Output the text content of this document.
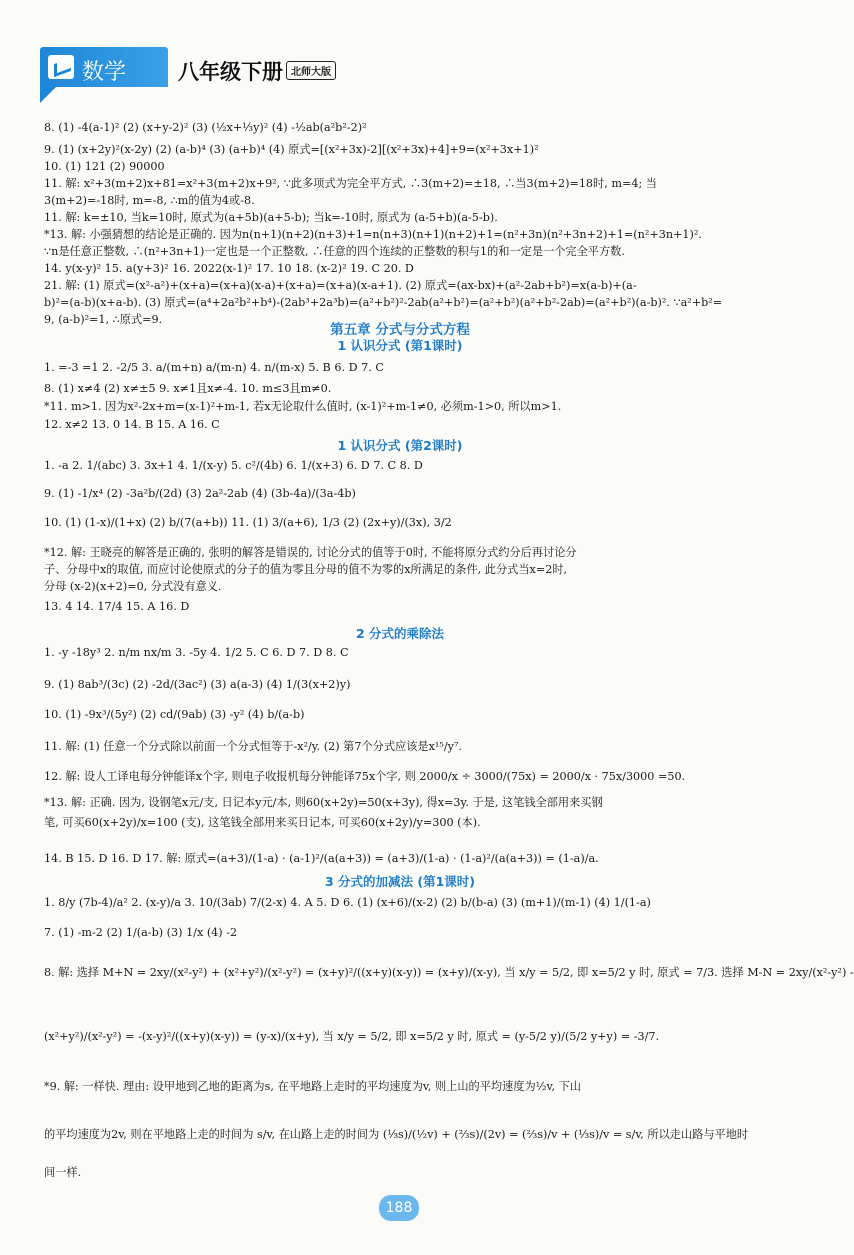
数学 八年级下册 北师大版
8. (1) -4(a-1)² (2) (x+y-2)² (3) (½x+⅓y)² (4) -½ab(a²b²-2)²
9. (1) (x+2y)²(x-2y) (2) (a-b)⁴ (3) (a+b)⁴ (4) 原式=[(x²+3x)-2][(x²+3x)+4]+9=(x²+3x+1)²
10. (1) 121 (2) 90000
11. 解: x²+3(m+2)x+81=x²+3(m+2)x+9², ∵此多项式为完全平方式, ∴3(m+2)=±18, ∴当3(m+2)=18时, m=4; 当
3(m+2)=-18时, m=-8, ∴m的值为4或-8.
11. 解: k=±10, 当k=10时, 原式为(a+5b)(a+5-b); 当k=-10时, 原式为 (a-5+b)(a-5-b).
*13. 解: 小强猜想的结论是正确的. 因为n(n+1)(n+2)(n+3)+1=n(n+3)(n+1)(n+2)+1=(n²+3n)(n²+3n+2)+1=(n²+3n+1)².
∵n是任意正整数, ∴(n²+3n+1)一定也是一个正整数, ∴任意的四个连续的正整数的积与1的和一定是一个完全平方数.
14. y(x-y)² 15. a(y+3)² 16. 2022(x-1)² 17. 10 18. (x-2)² 19. C 20. D
21. 解: (1) 原式=(x²-a²)+(x+a)=(x+a)(x-a)+(x+a)=(x+a)(x-a+1). (2) 原式=(ax-bx)+(a²-2ab+b²)=x(a-b)+(a-
b)²=(a-b)(x+a-b). (3) 原式=(a⁴+2a²b²+b⁴)-(2ab³+2a³b)=(a²+b²)²-2ab(a²+b²)=(a²+b²)(a²+b²-2ab)=(a²+b²)(a-b)². ∵a²+b²=
9, (a-b)²=1, ∴原式=9.
第五章 分式与分式方程
1 认识分式 (第1课时)
1. =-3 =1 2. -2/5 3. a/(m+n) a/(m-n) 4. n/(m-x) 5. B 6. D 7. C
8. (1) x≠4 (2) x≠±5 9. x≠1且x≠-4. 10. m≤3且m≠0.
*11. m>1. 因为x²-2x+m=(x-1)²+m-1, 若x无论取什么值时, (x-1)²+m-1≠0, 必须m-1>0, 所以m>1.
12. x≠2 13. 0 14. B 15. A 16. C
1 认识分式 (第2课时)
1. -a 2. 1/(abc) 3. 3x+1 4. 1/(x-y) 5. c²/(4b) 6. 1/(x+3) 6. D 7. C 8. D
9. (1) -1/x⁴ (2) -3a²b/(2d) (3) 2a²-2ab (4) (3b-4a)/(3a-4b)
10. (1) (1-x)/(1+x) (2) b/(7(a+b)) 11. (1) 3/(a+6), 1/3 (2) (2x+y)/(3x), 3/2
*12. 解: 王晓亮的解答是正确的, 张明的解答是错误的, 讨论分式的值等于0时, 不能将原分式约分后再讨论分
子、分母中x的取值, 而应讨论使原式的分子的值为零且分母的值不为零的x所满足的条件, 此分式当x=2时,
分母 (x-2)(x+2)=0, 分式没有意义.
13. 4 14. 17/4 15. A 16. D
2 分式的乘除法
1. -y -18y³ 2. n/m nx/m 3. -5y 4. 1/2 5. C 6. D 7. D 8. C
9. (1) 8ab³/(3c) (2) -2d/(3ac²) (3) a(a-3) (4) 1/(3(x+2)y)
10. (1) -9x³/(5y²) (2) cd/(9ab) (3) -y² (4) b/(a-b)
11. 解: (1) 任意一个分式除以前面一个分式恒等于-x²/y. (2) 第7个分式应该是x¹⁵/y⁷.
12. 解: 设人工译电每分钟能译x个字, 则电子收报机每分钟能译75x个字, 则 2000/x ÷ 3000/(75x) = 2000/x · 75x/3000 =50.
*13. 解: 正确. 因为, 设钢笔x元/支, 日记本y元/本, 则60(x+2y)=50(x+3y), 得x=3y. 于是, 这笔钱全部用来买钢
笔, 可买60(x+2y)/x=100 (支), 这笔钱全部用来买日记本, 可买60(x+2y)/y=300 (本).
14. B 15. D 16. D 17. 解: 原式=(a+3)/(1-a) · (a-1)²/(a(a+3)) = (a+3)/(1-a) · (1-a)²/(a(a+3)) = (1-a)/a.
3 分式的加减法 (第1课时)
1. 8/y (7b-4)/a² 2. (x-y)/a 3. 10/(3ab) 7/(2-x) 4. A 5. D 6. (1) (x+6)/(x-2) (2) b/(b-a) (3) (m+1)/(m-1) (4) 1/(1-a)
7. (1) -m-2 (2) 1/(a-b) (3) 1/x (4) -2
8. 解: 选择 M+N = 2xy/(x²-y²) + (x²+y²)/(x²-y²) = (x+y)²/((x+y)(x-y)) = (x+y)/(x-y), 当 x/y = 5/2, 即 x=5/2 y 时, 原式 = 7/3. 选择 M-N = 2xy/(x²-y²) -
(x²+y²)/(x²-y²) = -(x-y)²/((x+y)(x-y)) = (y-x)/(x+y), 当 x/y = 5/2, 即 x=5/2 y 时, 原式 = (y-5/2 y)/(5/2 y+y) = -3/7.
*9. 解: 一样快. 理由: 设甲地到乙地的距离为s, 在平地路上走时的平均速度为v, 则上山的平均速度为½v, 下山
的平均速度为2v, 则在平地路上走的时间为 s/v, 在山路上走的时间为 (⅓s)/(½v) + (⅔s)/(2v) = (⅔s)/v + (⅓s)/v = s/v, 所以走山路与平地时
间一样.
188
